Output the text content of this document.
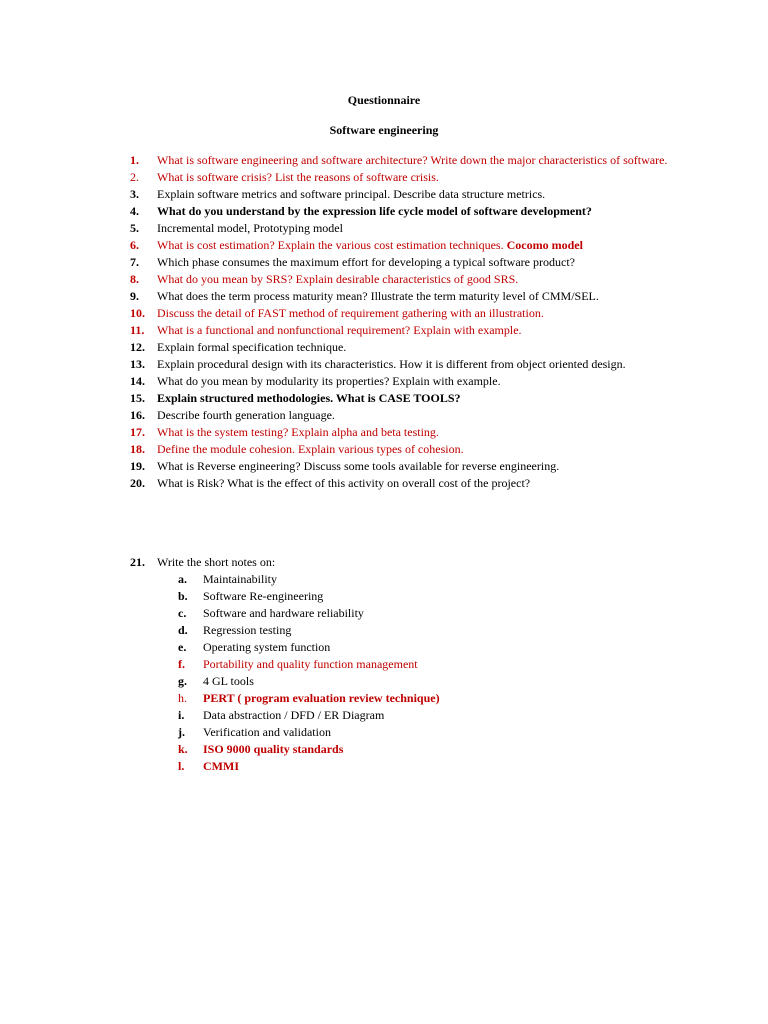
Questionnaire
Software engineering
1.	What is software engineering and software architecture? Write down the major characteristics of software.
2.	What is software crisis? List the reasons of software crisis.
3.	Explain software metrics and software principal. Describe data structure metrics.
4.	What do you understand by the expression life cycle model of software development?
5.	Incremental model, Prototyping model
6.	What is cost estimation? Explain the various cost estimation techniques. Cocomo model
7.	Which phase consumes the maximum effort for developing a typical software product?
8.	What do you mean by SRS? Explain desirable characteristics of good SRS.
9.	What does the term process maturity mean? Illustrate the term maturity level of CMM/SEL.
10.	Discuss the detail of FAST method of requirement gathering with an illustration.
11.	What is a functional and nonfunctional requirement? Explain with example.
12.	Explain formal specification technique.
13.	Explain procedural design with its characteristics. How it is different from object oriented design.
14.	What do you mean by modularity its properties? Explain with example.
15.	Explain structured methodologies. What is CASE TOOLS?
16.	Describe fourth generation language.
17.	What is the system testing? Explain alpha and beta testing.
18.	Define the module cohesion. Explain various types of cohesion.
19.	What is Reverse engineering? Discuss some tools available for reverse engineering.
20.	What is Risk? What is the effect of this activity on overall cost of the project?
21.	Write the short notes on:
a. Maintainability
b. Software Re-engineering
c. Software and hardware reliability
d. Regression testing
e. Operating system function
f. Portability and quality function management
g. 4 GL tools
h. PERT ( program evaluation review technique)
i. Data abstraction / DFD / ER Diagram
j. Verification and validation
k. ISO 9000 quality standards
l. CMMI
